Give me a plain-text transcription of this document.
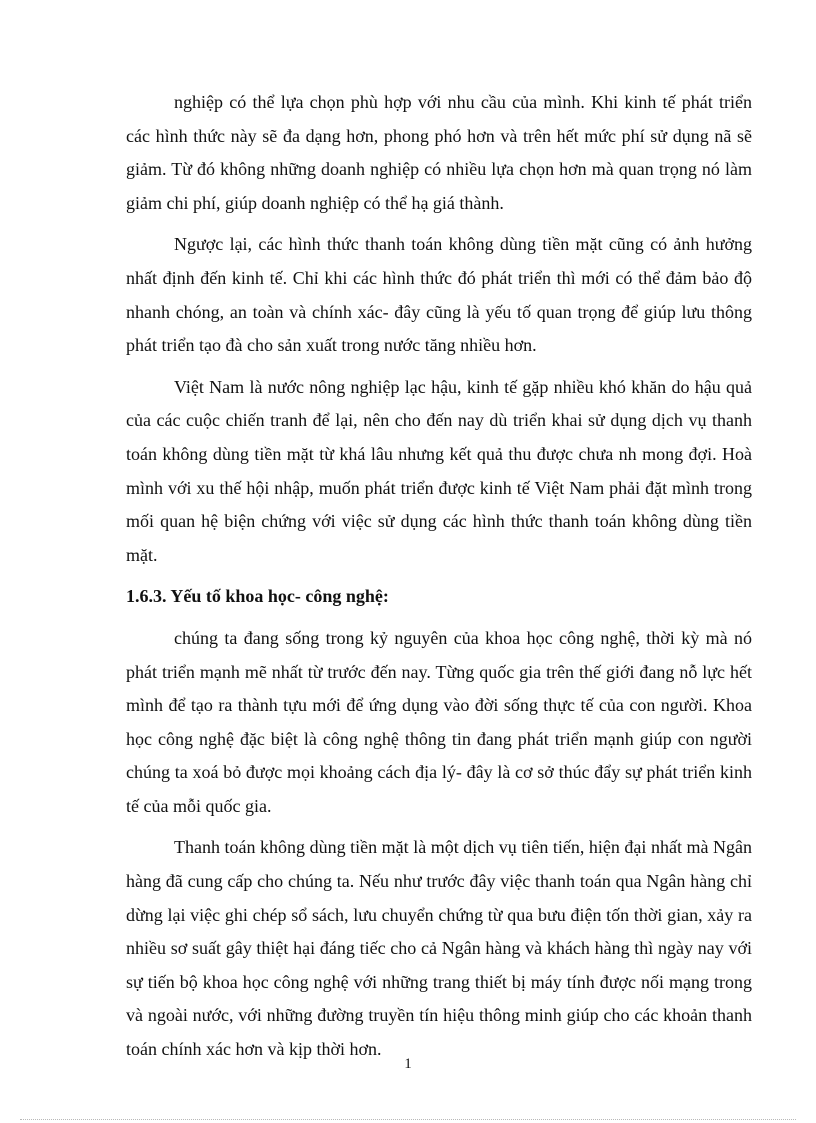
nghiệp có thể lựa chọn phù hợp với nhu cầu của mình. Khi kinh tế phát triển các hình thức này sẽ đa dạng hơn, phong phó hơn và trên hết mức phí sử dụng nã sẽ giảm. Từ đó không những doanh nghiệp có nhiều lựa chọn hơn mà quan trọng nó làm giảm chi phí, giúp doanh nghiệp có thể hạ giá thành.

Ngược lại, các hình thức thanh toán không dùng tiền mặt cũng có ảnh hưởng nhất định đến kinh tế. Chỉ khi các hình thức đó phát triển thì mới có thể đảm bảo độ nhanh chóng, an toàn và chính xác- đây cũng là yếu tố quan trọng để giúp lưu thông phát triển tạo đà cho sản xuất trong nước tăng nhiều hơn.

Việt Nam là nước nông nghiệp lạc hậu, kinh tế gặp nhiều khó khăn do hậu quả của các cuộc chiến tranh để lại, nên cho đến nay dù triển khai sử dụng dịch vụ thanh toán không dùng tiền mặt từ khá lâu nhưng kết quả thu được chưa nh mong đợi. Hoà mình với xu thế hội nhập, muốn phát triển được kinh tế Việt Nam phải đặt mình trong mối quan hệ biện chứng với việc sử dụng các hình thức thanh toán không dùng tiền mặt.

1.6.3. Yếu tố khoa học- công nghệ:

chúng ta đang sống trong kỷ nguyên của khoa học công nghệ, thời kỳ mà nó phát triển mạnh mẽ nhất từ trước đến nay. Từng quốc gia trên thế giới đang nỗ lực hết mình để tạo ra thành tựu mới để ứng dụng vào đời sống thực tế của con người. Khoa học công nghệ đặc biệt là công nghệ thông tin đang phát triển mạnh giúp con người chúng ta xoá bỏ được mọi khoảng cách địa lý- đây là cơ sở thúc đẩy sự phát triển kinh tế của mỗi quốc gia.

Thanh toán không dùng tiền mặt là một dịch vụ tiên tiến, hiện đại nhất mà Ngân hàng đã cung cấp cho chúng ta. Nếu như trước đây việc thanh toán qua Ngân hàng chỉ dừng lại việc ghi chép sổ sách, lưu chuyển chứng từ qua bưu điện tốn thời gian, xảy ra nhiều sơ suất gây thiệt hại đáng tiếc cho cả Ngân hàng và khách hàng thì ngày nay với sự tiến bộ khoa học công nghệ với những trang thiết bị máy tính được nối mạng trong và ngoài nước, với những đường truyền tín hiệu thông minh giúp cho các khoản thanh toán chính xác hơn và kịp thời hơn.

1
